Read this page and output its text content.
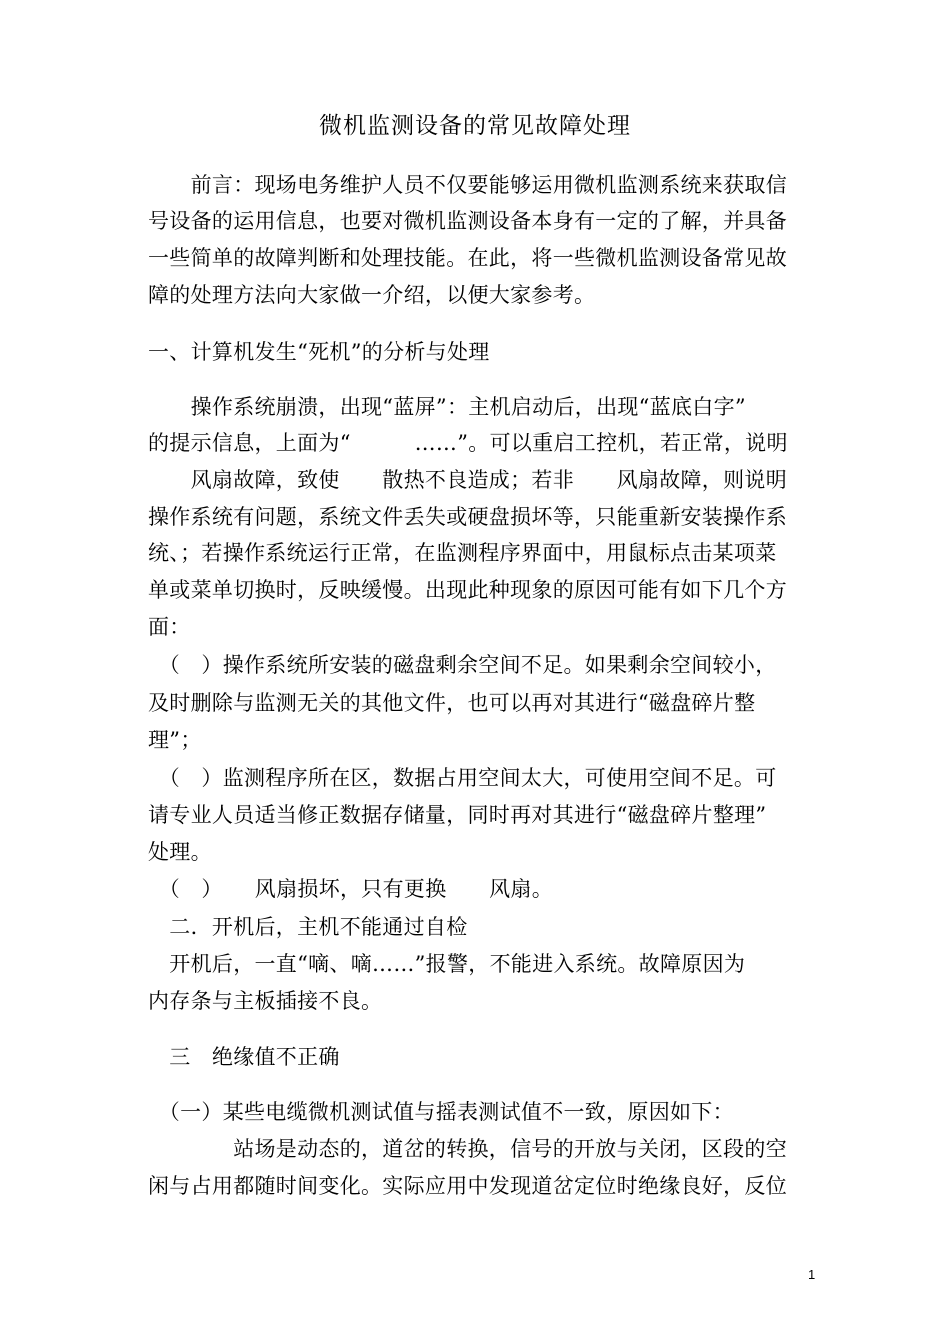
微机监测设备的常见故障处理
　　前言：现场电务维护人员不仅要能够运用微机监测系统来获取信
号设备的运用信息，也要对微机监测设备本身有一定的了解，并具备
一些简单的故障判断和处理技能。在此，将一些微机监测设备常见故
障的处理方法向大家做一介绍，以便大家参考。
一、计算机发生“死机”的分析与处理
　　操作系统崩溃，出现“蓝屏”：主机启动后，出现“蓝底白字”
的提示信息，上面为“　　　……”。可以重启工控机，若正常，说明
　　风扇故障，致使　　散热不良造成；若非　　风扇故障，则说明
操作系统有问题，系统文件丢失或硬盘损坏等，只能重新安装操作系
统、；若操作系统运行正常，在监测程序界面中，用鼠标点击某项菜
单或菜单切换时，反映缓慢。出现此种现象的原因可能有如下几个方
面：
　（　）操作系统所安装的磁盘剩余空间不足。如果剩余空间较小，
及时删除与监测无关的其他文件，也可以再对其进行“磁盘碎片整
理”；
　（　）监测程序所在区，数据占用空间太大，可使用空间不足。可
请专业人员适当修正数据存储量，同时再对其进行“磁盘碎片整理”
处理。
　（　）　　风扇损坏，只有更换　　风扇。
　二．开机后，主机不能通过自检
　开机后，一直“嘀、嘀……”报警，不能进入系统。故障原因为
内存条与主板插接不良。
　三　绝缘值不正确
　（一）某些电缆微机测试值与摇表测试值不一致，原因如下：
　　　　站场是动态的，道岔的转换，信号的开放与关闭，区段的空
闲与占用都随时间变化。实际应用中发现道岔定位时绝缘良好，反位
1
